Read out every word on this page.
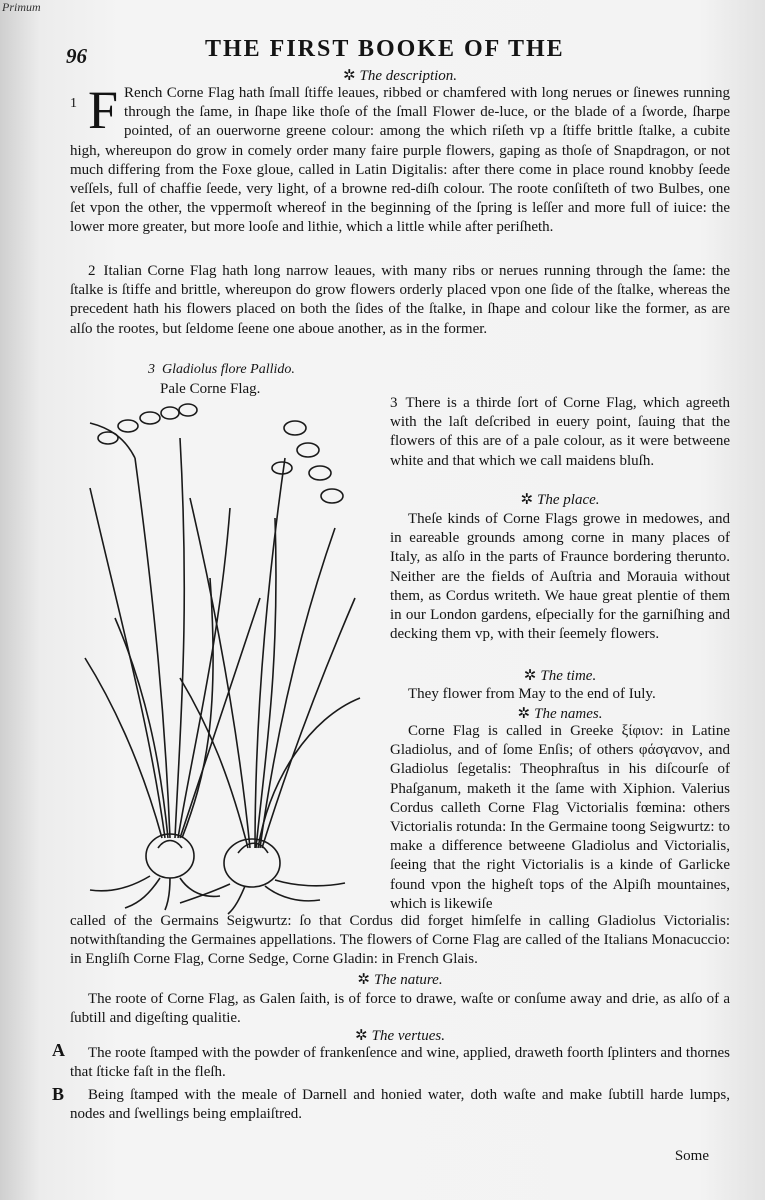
Primum
96	THE FIRST BOOKE OF THE
✲ The description.
1 F Rench Corne Flag hath ſmall ſtiffe leaues, ribbed or chamfered with long nerues or ſinewes running through the ſame, in ſhape like thoſe of the ſmall Flower de-luce, or the blade of a ſworde, ſharpe pointed, of an ouerworne greene colour: among the which riſeth vp a ſtiffe brittle ſtalke, a cubite high, whereupon do grow in comely order many faire purple flowers, gaping as thoſe of Snapdragon, or not much differing from the Foxe gloue, called in Latin Digitalis: after there come in place round knobby ſeede veſſels, full of chaffie ſeede, very light, of a browne red-diſh colour. The roote conſiſteth of two Bulbes, one ſet vpon the other, the vppermoſt whereof in the beginning of the ſpring is leſſer and more full of iuice: the lower more greater, but more looſe and lithie, which a little while after periſheth.

2 Italian Corne Flag hath long narrow leaues, with many ribs or nerues running through the ſame: the ſtalke is ſtiffe and brittle, whereupon do grow flowers orderly placed vpon one ſide of the ſtalke, whereas the precedent hath his flowers placed on both the ſides of the ſtalke, in ſhape and colour like the former, as are alſo the rootes, but ſeldome ſeene one aboue another, as in the former.

3 Gladiolus flore Pallido.
Pale Corne Flag.

3 There is a thirde ſort of Corne Flag, which agreeth with the laſt deſcribed in euery point, ſauing that the flowers of this are of a pale colour, as it were betweene white and that which we call maidens bluſh.

✲ The place.

Theſe kinds of Corne Flags growe in medowes, and in eareable grounds among corne in many places of Italy, as alſo in the parts of Fraunce bordering therunto. Neither are the fields of Auſtria and Morauia without them, as Cordus writeth. We haue great plentie of them in our London gardens, eſpecially for the garniſhing and decking them vp, with their ſeemely flowers.

✲ The time.

They flower from May to the end of Iuly.

✲ The names.

Corne Flag is called in Greeke ξίφιον: in Latine Gladiolus, and of ſome Enſis; of others φάσγανον, and Gladiolus ſegetalis: Theophraſtus in his diſcourſe of Phaſganum, maketh it the ſame with Xiphion. Valerius Cordus calleth Corne Flag Victorialis fœmina: others Victorialis rotunda: In the Germaine toong Seigwurtz: to make a difference betweene Gladiolus and Victorialis, ſeeing that the right Victorialis is a kinde of Garlicke found vpon the higheſt tops of the Alpiſh mountaines, which is likewiſe

called of the Germains Seigwurtz: ſo that Cordus did forget himſelfe in calling Gladiolus Victorialis: notwithſtanding the Germaines appellations. The flowers of Corne Flag are called of the Italians Monacuccio: in Engliſh Corne Flag, Corne Sedge, Corne Gladin: in French Glais.

✲ The nature.

The roote of Corne Flag, as Galen ſaith, is of force to drawe, waſte or conſume away and drie, as alſo of a ſubtill and digeſting qualitie.

✲ The vertues.
A	The roote ſtamped with the powder of frankenſence and wine, applied, draweth foorth ſplinters and thornes that ſticke faſt in the fleſh.

B	Being ſtamped with the meale of Darnell and honied water, doth waſte and make ſubtill harde lumps, nodes and ſwellings being emplaiſtred.

Some
